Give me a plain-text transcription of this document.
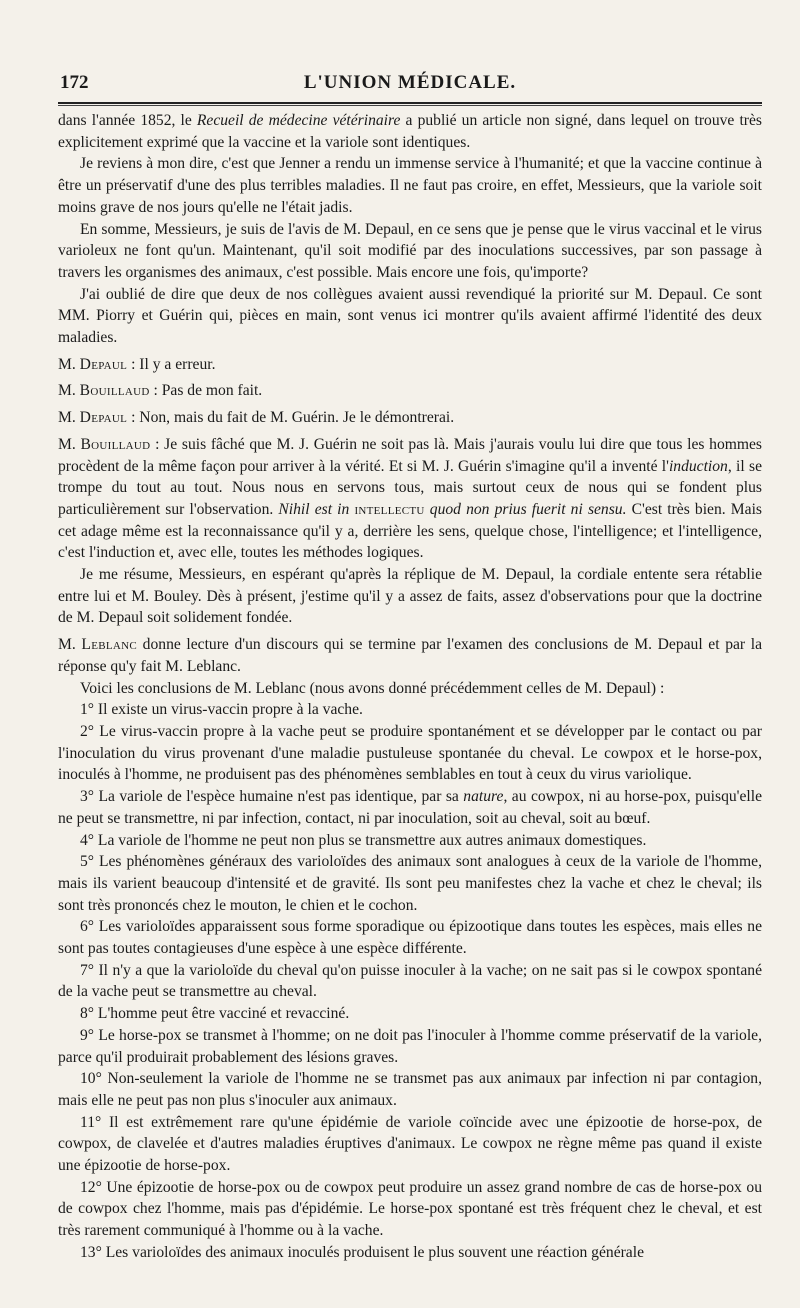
172	L'UNION MÉDICALE.

dans l'année 1852, le Recueil de médecine vétérinaire a publié un article non signé, dans lequel on trouve très explicitement exprimé que la vaccine et la variole sont identiques.

Je reviens à mon dire, c'est que Jenner a rendu un immense service à l'humanité; et que la vaccine continue à être un préservatif d'une des plus terribles maladies. Il ne faut pas croire, en effet, Messieurs, que la variole soit moins grave de nos jours qu'elle ne l'était jadis.

En somme, Messieurs, je suis de l'avis de M. Depaul, en ce sens que je pense que le virus vaccinal et le virus varioleux ne font qu'un. Maintenant, qu'il soit modifié par des inoculations successives, par son passage à travers les organismes des animaux, c'est possible. Mais encore une fois, qu'importe?

J'ai oublié de dire que deux de nos collègues avaient aussi revendiqué la priorité sur M. Depaul. Ce sont MM. Piorry et Guérin qui, pièces en main, sont venus ici montrer qu'ils avaient affirmé l'identité des deux maladies.

M. Depaul : Il y a erreur.

M. Bouillaud : Pas de mon fait.

M. Depaul : Non, mais du fait de M. Guérin. Je le démontrerai.

M. Bouillaud : Je suis fâché que M. J. Guérin ne soit pas là. Mais j'aurais voulu lui dire que tous les hommes procèdent de la même façon pour arriver à la vérité. Et si M. J. Guérin s'imagine qu'il a inventé l'induction, il se trompe du tout au tout. Nous nous en servons tous, mais surtout ceux de nous qui se fondent plus particulièrement sur l'observation. Nihil est in intellectu quod non prius fuerit ni sensu. C'est très bien. Mais cet adage même est la reconnaissance qu'il y a, derrière les sens, quelque chose, l'intelligence; et l'intelligence, c'est l'induction et, avec elle, toutes les méthodes logiques.

Je me résume, Messieurs, en espérant qu'après la réplique de M. Depaul, la cordiale entente sera rétablie entre lui et M. Bouley. Dès à présent, j'estime qu'il y a assez de faits, assez d'observations pour que la doctrine de M. Depaul soit solidement fondée.

M. Leblanc donne lecture d'un discours qui se termine par l'examen des conclusions de M. Depaul et par la réponse qu'y fait M. Leblanc.

Voici les conclusions de M. Leblanc (nous avons donné précédemment celles de M. Depaul) :

1° Il existe un virus-vaccin propre à la vache.

2° Le virus-vaccin propre à la vache peut se produire spontanément et se développer par le contact ou par l'inoculation du virus provenant d'une maladie pustuleuse spontanée du cheval. Le cowpox et le horse-pox, inoculés à l'homme, ne produisent pas des phénomènes semblables en tout à ceux du virus variolique.

3° La variole de l'espèce humaine n'est pas identique, par sa nature, au cowpox, ni au horse-pox, puisqu'elle ne peut se transmettre, ni par infection, contact, ni par inoculation, soit au cheval, soit au bœuf.

4° La variole de l'homme ne peut non plus se transmettre aux autres animaux domestiques.

5° Les phénomènes généraux des varioloïdes des animaux sont analogues à ceux de la variole de l'homme, mais ils varient beaucoup d'intensité et de gravité. Ils sont peu manifestes chez la vache et chez le cheval; ils sont très prononcés chez le mouton, le chien et le cochon.

6° Les varioloïdes apparaissent sous forme sporadique ou épizootique dans toutes les espèces, mais elles ne sont pas toutes contagieuses d'une espèce à une espèce différente.

7° Il n'y a que la varioloïde du cheval qu'on puisse inoculer à la vache; on ne sait pas si le cowpox spontané de la vache peut se transmettre au cheval.

8° L'homme peut être vacciné et revacciné.

9° Le horse-pox se transmet à l'homme; on ne doit pas l'inoculer à l'homme comme préservatif de la variole, parce qu'il produirait probablement des lésions graves.

10° Non-seulement la variole de l'homme ne se transmet pas aux animaux par infection ni par contagion, mais elle ne peut pas non plus s'inoculer aux animaux.

11° Il est extrêmement rare qu'une épidémie de variole coïncide avec une épizootie de horse-pox, de cowpox, de clavelée et d'autres maladies éruptives d'animaux. Le cowpox ne règne même pas quand il existe une épizootie de horse-pox.

12° Une épizootie de horse-pox ou de cowpox peut produire un assez grand nombre de cas de horse-pox ou de cowpox chez l'homme, mais pas d'épidémie. Le horse-pox spontané est très fréquent chez le cheval, et est très rarement communiqué à l'homme ou à la vache.

13° Les varioloïdes des animaux inoculés produisent le plus souvent une réaction générale
